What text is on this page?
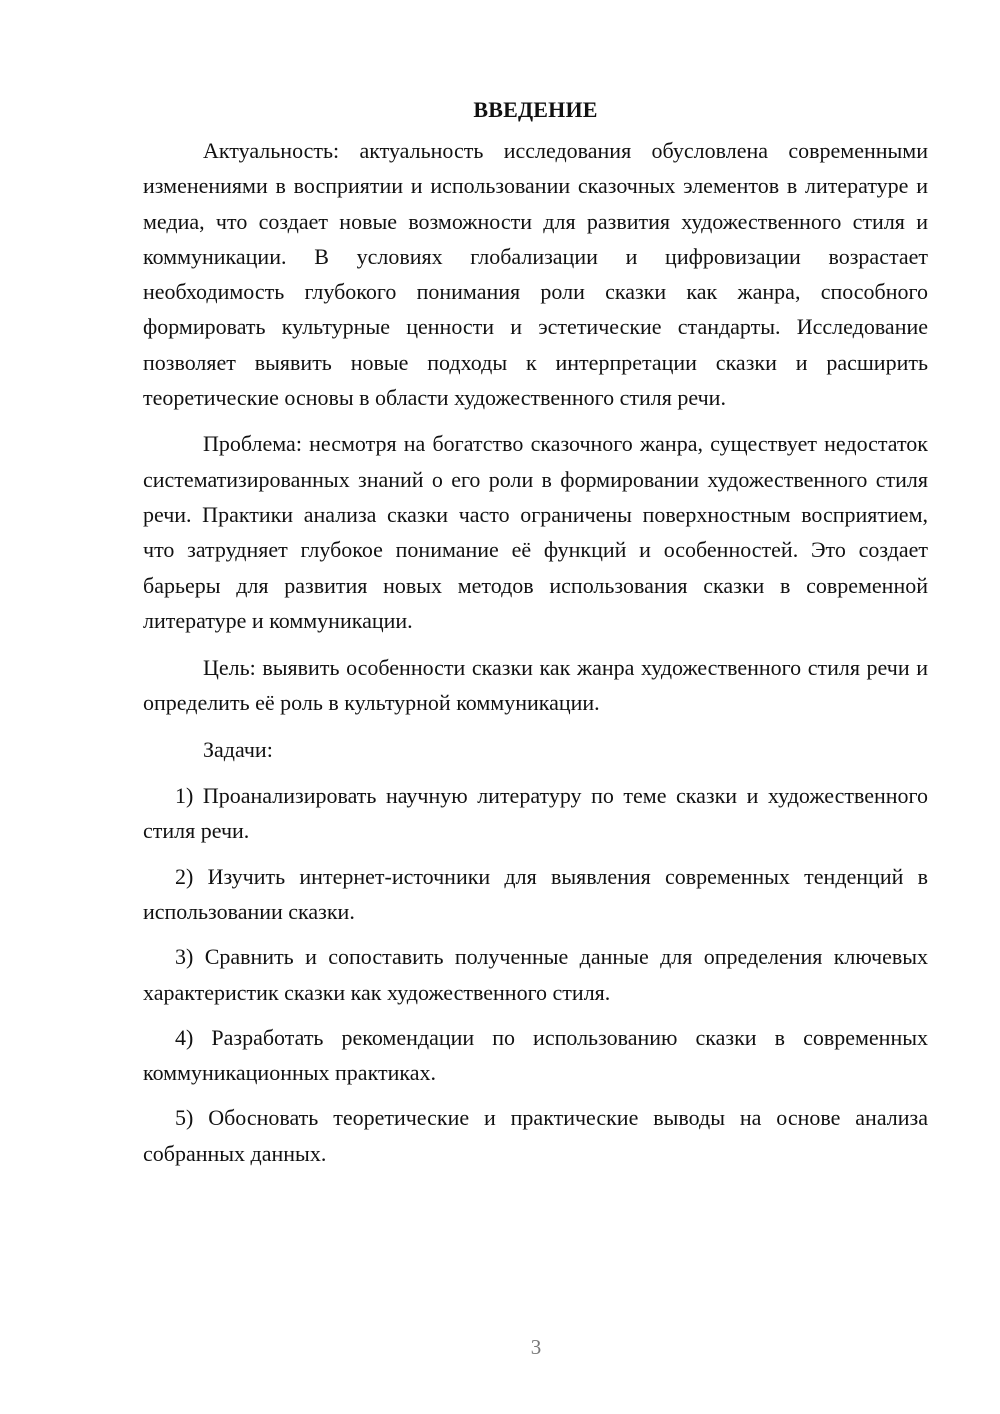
ВВЕДЕНИЕ

Актуальность: актуальность исследования обусловлена современными изменениями в восприятии и использовании сказочных элементов в литературе и медиа, что создает новые возможности для развития художественного стиля и коммуникации. В условиях глобализации и цифровизации возрастает необходимость глубокого понимания роли сказки как жанра, способного формировать культурные ценности и эстетические стандарты. Исследование позволяет выявить новые подходы к интерпретации сказки и расширить теоретические основы в области художественного стиля речи.

Проблема: несмотря на богатство сказочного жанра, существует недостаток систематизированных знаний о его роли в формировании художественного стиля речи. Практики анализа сказки часто ограничены поверхностным восприятием, что затрудняет глубокое понимание её функций и особенностей. Это создает барьеры для развития новых методов использования сказки в современной литературе и коммуникации.

Цель: выявить особенности сказки как жанра художественного стиля речи и определить её роль в культурной коммуникации.

Задачи:

1) Проанализировать научную литературу по теме сказки и художественного стиля речи.

2) Изучить интернет-источники для выявления современных тенденций в использовании сказки.

3) Сравнить и сопоставить полученные данные для определения ключевых характеристик сказки как художественного стиля.

4) Разработать рекомендации по использованию сказки в современных коммуникационных практиках.

5) Обосновать теоретические и практические выводы на основе анализа собранных данных.

3
